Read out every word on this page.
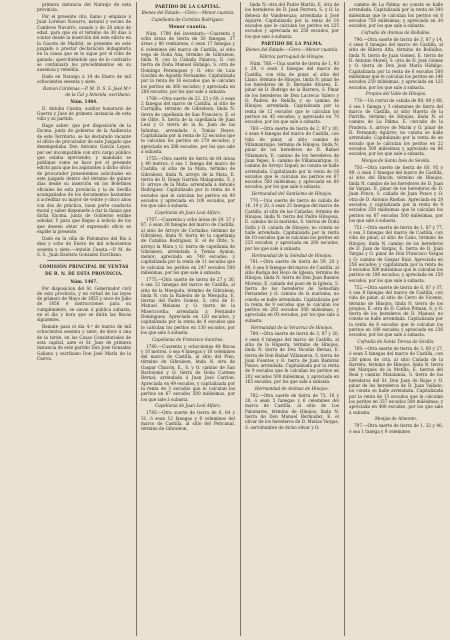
primera instancia del Naranjo de esta provincia.

Por el presente cito, llamo y emplazo á Juan Lorenzo Navarro, natural y vecino de Cambres Navarro, casado y de 28 años de edad, para que en el término de 30 días á contar desde la inserción del este edicto en la Gaceta de Madrid, se presente en este juzgado á prestar declaración indagatoria en la causa que se le sigue por el robo de ganado; apercibiéndole que de lo contrario se continuará los procedimientos en su ausencia y rebeldía.

Dado en Naranjo á 14 de Enero de mil ochocientos sesenta y siete.

Ramon Cárdenas.—P. M. D. S. S. José M.ª de la Cal y Almeida, escribano.

Núm. 1464.

D. Antolin Cuesta, auditor honorario de Guerra y Juez de primera instancia de esta villa y su partido.

Hago saber: que por disposición de la Excma. junta de gobierno de la Audiencia de este Territorio, se ha declarado vacante el oficio de procurador de este Juzgado que desempeñaba Don Antonio García Lopez, por ser incompatible con otro cargo público que estaba ejerciendo; y mandado se publique como se hace por el presente edicto para que los aspirantes á dicho oficio de procurador presentemos solicitudes en este juzgado dentro del término de quince días desde su inserción en los Boletines oficiales de esta provincia y la de Sevilla acompañados de los documentos bastantes á acreditar su mayor de veinte y cinco años con dos de práctica, buen porte conducta moral y saber disponerle á dar la fianza que dicha Excma. junta de Gobierno estime señalar. Y para que llegue á noticia de los que deseen obtar el expresado oficio se expide la presente.

Dado en la villa de Palomares del Río á diez y ocho de Enero de mil ochocientos sesenta y siete.—Antolin Cuesta.—P. M. de S. S., Juan Bautista Gonzalez Escribano.

COMISIÓN PRINCIPAL DE VENTAS

DE B. N. DE ESTA PROVINCIA.

Núm. 1467.

Por disposicion del Sr. Gobernador civil de esta provincia, y en virtud de las leyes de primero de Mayo de 1855 y once de Julio de 1856 é instrucciones para su cumplimiento, se sacan á pública subasta, en el dia y hora que se dirán las fincas siguientes.

Remate para el dia 4.º de marzo de mil ochocientos sesenta y siete, de doce á una de la tarde, en las Casas Consistoriales de esta capital, ante el Sr. Juez de primera instancia de este partido Don José Gonzalez Galiano y escribano Don José María de la Cierva.

PARTIDO DE LA CAPITAL.

Bienes del Estado.—Clero.—Menor cuantía.

Capellanía de Carolina Rodriguez.

Menor cuantía.

Núm. 1700 del inventario.—Cuarenta y ocho áreas de tierra de 50 fanegas, 37 áreas y 80 centiáreas, ó sean 17 fanegas y 6 celemines del marco de Castilla, al sitio vega de Doña Ana, término de Gibraleon, linda N. con la Cañada Palanca, E. con tierra de Doña Manuel Hidalgo, S. otra de Domingo Peremquez y O. otro de Luis Gavilán de Agustín Fernandez. Capitalizada por la renta de 16 escudos que le calculan los peritos en 360 escudos; y apreciada en 288 escudos, por los que sale á subasta.

1708.—Otra suerte de 22, 23 y 60, ó sean 2 fanegas del marco de Castilla, al sitio de Carrajilla, término de Gibraleon, linda N. tierra de capellanía de San Francisco, E. el de Olite, S. tierra de la capellanía de Juan Leal y O. tierra de la fa. Juan de las Infantas, arrendada á Tomás Reyes. Capitalizada por la renta de 12 escudos que le calculan los peritos en 270 escudos; y apreciada en 286 escudos, por los que sale á subasta.

1755.—Otra suerte de tierra de 64 áreas y 40 metros, ó sea 1 fanega del marco de Castilla, al sitio de la Mata, término de Gibraleon, linda N. arroyo de la Mata, E. tierra de D. Diego Garrido Malagueña, S. y O. arroyo de la Mata: arrendada á Antonio Rodríguez. Capitalizada por la renta de 4 escudos que le calculan los peritos en 90 escudos y apreciada en 100 escudos, por los que sale á subasta.

Capellanía de Juan Leal Alfaro.

1767.—Cuarenta y ocho áreas de 39, 37 y 87, ó sean 30 fanegas del marco de Castilla, al sitio de Arroyo de Cortadas, término de Gibraleon, linda N. tierra de la capellanía de Catalina Rodriguez, E. el de Olite, S. arroyo la Mata y O. tierra de capellanía de Gibraleon, arrendada á Tomás Ayalon, menor; apreciada en 740 escudos; y capitalizada por la renta de 11 escudos que le calculan los peritos en 247 escudos 500 milésimas, por los que sale á subasta.

1775.—Otra suerte de tierra de 27 y 30, ó sea 12 fanegas del marco de Castilla, al sitio de la Mesquita, término de Gibraleon, linda N. con la Rabeira de la Mesquita, E. tierras del Padre Gomez, S. otra de D. Manuel Melanes y O. tierra de la Misericordia; arrendada á Fernando Dominguez. Apreciada en 120 escudos, y capitalizada por la renta de 8 escudos que le calculan los peritos en 130 escudos, por los que sale á subasta.

Capellanía de Francisco Sanches.

1780.—Cuarenta y ochocientas 48 fincas y 10 metros, ó sea 4 fanegas y 10 celemines del marco de Castilla, al sitio del Pino, término de Gibraleon, linda N. otra de Gaspar Chacón, E., S. y O. camino de San Bartolomé y O. tierra de Doña Carmen Bernal; arrendada á Juan José Carrion. Apreciada en 49 escudos, y capitalizada por la renta de 3 escudos que le calculan los peritos en 67 escudos 500 milésimas, por los que sale á subasta.

Capellanía de Juan Leal Alfaro.

1783.—Otra suerte de tierra de 6, 64 y 31, ó sean 12 fanegas y 6 celemines del marco de Castilla, al sitio del Pericanal, término de Gibraleon,

linda N. otra del Padre Martín, E. otra de los herederos de D. Juan Ferrera, S. y O. la dehesa de Vandesouza; arrendada á José Aquirre. Capitalizada por la renta de 10 escudos que le calculan los peritos en 225 escudos y apreciada en 250 escudos, por los que sale á subasta.

PARTIDO DE LA PALMA.

Bienes del Estado.—Clero.—Menor cuantía.

Fábrica parroquial de Hinojos.

Núm. 768.—Una suerte de tierra de 1, 93 y 20, ó sean 3 fanegas del marco de Castilla, con viña de pinar, al sitio del Llano, término de Hinojos, linda N. pinar de los herederos de D. Bernabé Álvarez, E. pinar de D. Rodrigo de la Barrera, S. Pinar de los herederos de Don Lucrecio Valero y O. Padres de Rebilla y su camino de Hinojos; arrendada. Capitalizada por la renta de 12 escudos que le calculan los peritos en 45 escudos; y apreciada en 70 escudos, por los que sale á subasta.

769.—Otra suerte de tierra de 2, 97 y 20, ó sean 4 fanegas del marco de Castilla, con viña de pinar, al sitio camino de Villamanrique, término de Hinojos, linda N. pinar de los herederos de D. Rafael Villanueva, E. camino de los herederos de Juan Yepes, S. camino de Villamanrique, O. camino de Arroyo Liquel; no consta se halle arrendada. Capitalizada por la renta de 16 escudos que le calculan los peritos en 67 escudos 500 milésimas; y apreciada en 60 escudos, por los que sale á subasta.

Hermandad del Santísimo de Hinojos.

770.—Una suerte de tierra de cabida de 16, 19 y 20, ó sean 25 fanegas del marco de Castilla, al sitio de las Cañadas, término de Hinojos, linda N. tierra del Padre Hinojosa, E. camino de la marisma, S. tierras de Doña Sofía y O. cañada de Hinojos; no consta se halle arrendada. Capitalizada por la renta de 10 escudos que le calculan los peritos en 225 escudos; y apreciada en 260 escudos, por los que sale á subasta.

Hermandad de la Soledad de Hinojos.

781.—Otra suerte de tierra de 59, 20 y 60, ó sea 8 fanegas del marco de Castilla, al sitio Rodaja del Hoyo de Iglesia, término de Hinojos, linda N. tierra de Don Juan Buenos Moreno, E. cañada del pozo de la Iglesia, S. tierra de los herederos de Sebastián Fernandez y O. camino de la marisma; no consta se halle arrendada. Capitalizada por la renta de 9 escudos que le calculan los peritos en 202 escudos 500 milésimas; y apreciada en 93 escudos, por los que sale á subasta.

Hermandad de la Veracruz de Hinojos.

789.—Otra suerte de tierra de 3, 87 y 20, ó sean 6 fanegas del marco de Castilla, al sitio de la Higuera, término de Hinojos, linda N. tierra de Don Nicolás Bernal, E. tierra de Don Rafael Villanueva, S. tierra de Juan Fuentes y O. tierra de Juan Ramirez Ponce; arrendada. Capitalizada por la renta de 9 escudos que le calculan los peritos en 202 escudos 500 milésimas, y apreciada en 165 escudos, por los que sale á subasta.

Hermandad de Animas de Hinojos.

782.—Otra suerte de tierra de 73, 16 y 20, ó sean 5 fanegas y 6 celemines del marco de Castilla, al sitio de Los Palomares, término de Hinojos, linda N. tierra de Don Manuel Bermudez, E. el olivar de los herederos de D. Matías Vargas, S. servidumbre de dicho olivar y O.

camino de La Palma; no consta se halle arrendada. Capitalizada por la renta de 300 milésimas que le calculan los peritos en 6 escudos 750 milésimas; y apreciada en 30 escudos, por los que sale á subasta.

Cofradía de Animas de Bollullos.

790.—Otra suerte de tierra de 3, 87 y 14, ó sean 6 fanegas del marco de Castilla, al sitio de Ribera Alta, término de Bollullos, linda N. tierra de Juan Gomez, E. tierra de D. Antonio Morell, S. otra de D. José Gómez y O. tierra de Don José María Hidalgo, Capitalizada por la renta de 6 escudos 500 milésimas que le calculan los peritos en 146 escudos 250 milésimas, y apreciada en 125 escudos, por los que sale á subasta.

Propios del Valle de Hinojos.

778.—Un corral de cabida de 80, 80 y 68, ó sea 1 fanega y 3 celemines de tierra del marco de Castilla, al sitio Huerta de la Parrilla, término de Hinojos, linda N. el camino de La Palma, E. cercado de la Pradera, S. arroyo de Marin y O. pinar de D. Fernando Aguirre; no consta se halle arrendado. Capitalizado por la renta de un escudo que le calculan los peritos en 22 escudos 500 milésimas y apreciado en 66 escudos, por los que sale á subasta.

Monjas de Santa Inés de Sevilla.

750.—Otra suerte de tierra de 60, 95 y 89, ó sean 3 fanegas del marco de Castilla, al sitio del Rincón, término de Hinojos, linda N. camino de los herederos de D. Juan de Vargas, E. pinar de los herederos de D. Juan Ponce, S. cañada de Juan Ponce y O. otra de D. Antonio Ruebas. Apreciada en 28 escudos; y capitalizada por la renta de 9 escudos 250 milésimas que le calculan los peritos en 67 escudos 500 milésimas, por los que sale á subasta.

751.—Otra suerte de tierra de 1, 87 y 77, ó sea 3 fanegas del marco de Castilla, con viña de pinar, al sitio de Caño, término de Hinojos, linda N. camino de los herederos de D. Juan de Vargas, E. tierra de D. Juan Vargas y O. pinar de Don Francisco Vargas y O. camino de Gaspar Ruiz. Apreciada en 256 escudos; y capitalizada por la renta de 8 escudos 500 milésimas que le calculan los peritos en 180 escudos; y apreciada en 150 escudos, por los que sale á subasta.

752.—Otra suerte de tierra de 8, 87 y 37, ó sea 8 fanegas del marco de Castilla, con viña de pinar, al sitio de Cerro de Vicente, término de Hinojos, linda N. tierra de los propios, E. otra de D. Carlos Pitman, S. y O. tierra de los herederos de D. Manuel; no consta se halle arrendada. Capitalizada por la renta de 8 escudos que le calculan los peritos en 180 escudos y apreciada en 236 escudos, por los que sale á subasta.

Cofradía de Santa Teresa de Sevilla.

769.—Otra suerte de tierra de 3, 60 y 27, ó sean 5 fanegas del marco de Castilla, con 236 pinos de cría, al sitio Cañada de la Barrera, término de Hinojos, linda N. tierra del Marqués de la Motilla, E. tierras del Real y camino Matalamía, S. tierra de los herederos del Sr. Don Juan de Rojas y O. pinar de los herederos de D. Juan Vallado; no consta se halle arrendada. Capitalizada por la renta de 15 escudos que le calculan los peritos en 337 escudos 500 milésimas; y apreciada en 400 escudos, por los que sale á subasta.

Monjas de Almonte.

797.—Otra suerte de tierra de 1, 32 y 40, ó sea 1 fanega y 9 celemines
